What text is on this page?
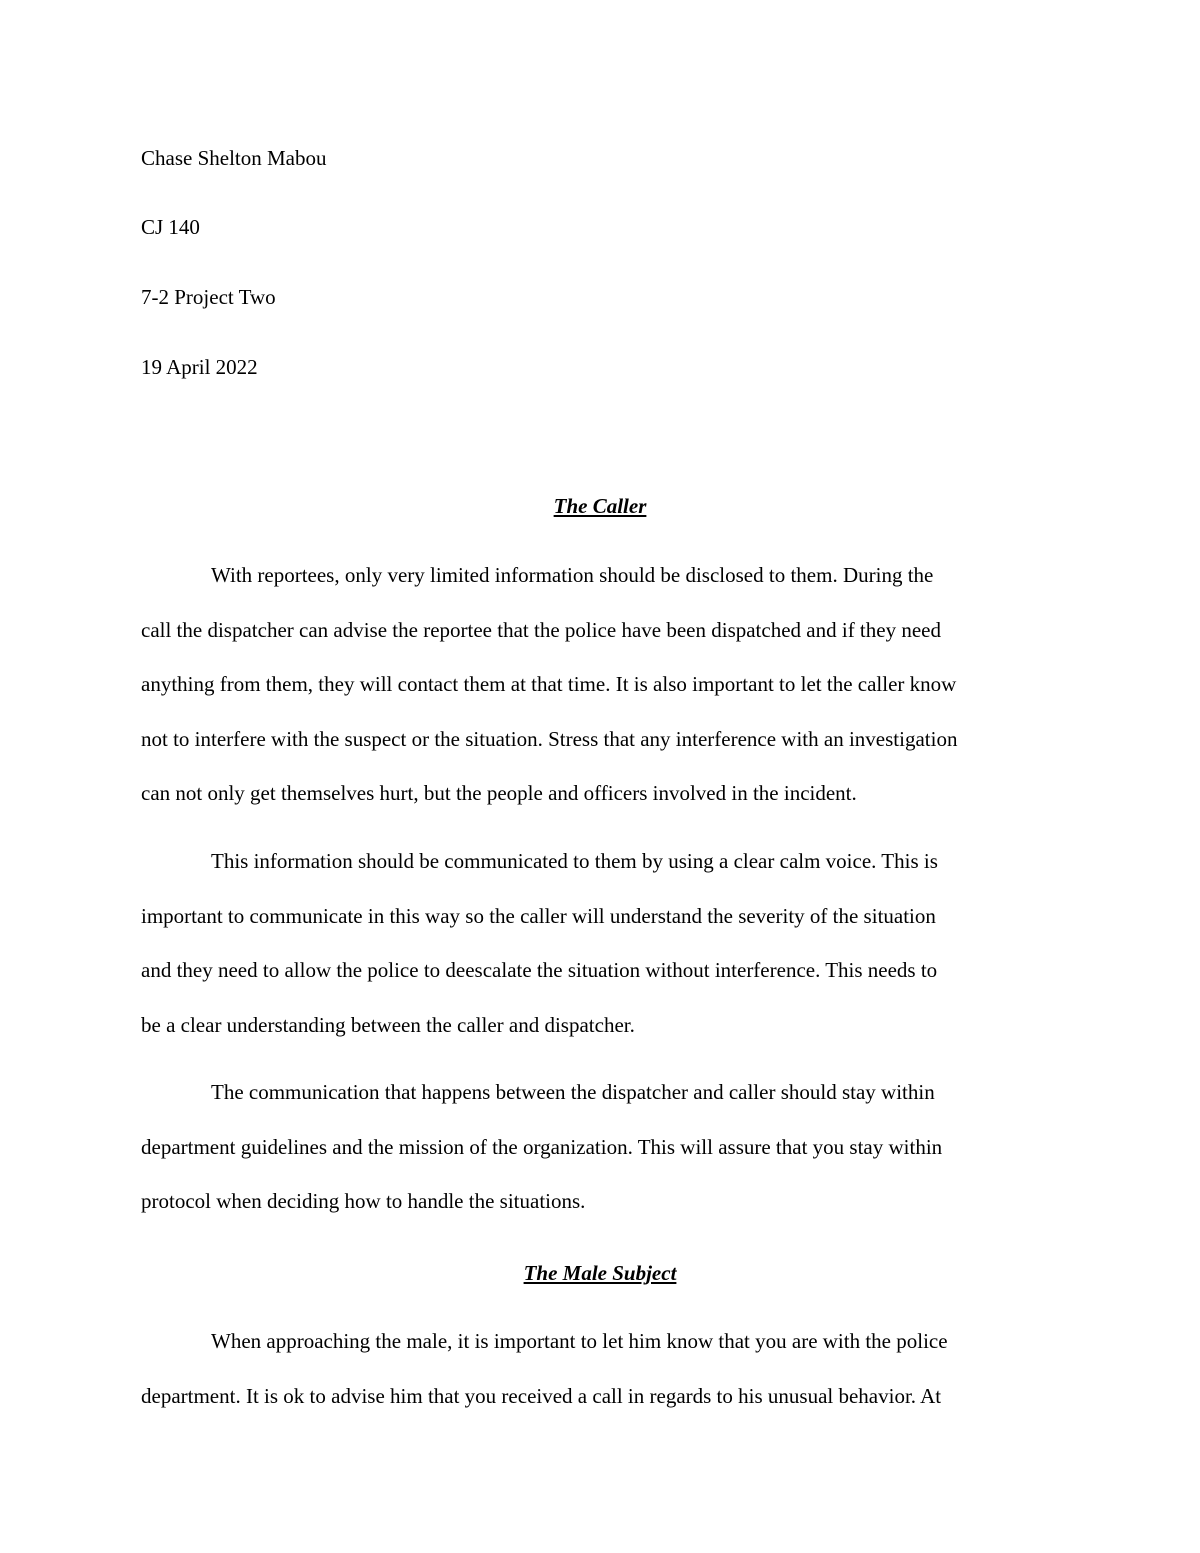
Chase Shelton Mabou

CJ 140

7-2 Project Two

19 April 2022

The Caller
With reportees, only very limited information should be disclosed to them. During the
call the dispatcher can advise the reportee that the police have been dispatched and if they need
anything from them, they will contact them at that time. It is also important to let the caller know
not to interfere with the suspect or the situation. Stress that any interference with an investigation
can not only get themselves hurt, but the people and officers involved in the incident.
This information should be communicated to them by using a clear calm voice. This is
important to communicate in this way so the caller will understand the severity of the situation
and they need to allow the police to deescalate the situation without interference. This needs to
be a clear understanding between the caller and dispatcher.
The communication that happens between the dispatcher and caller should stay within
department guidelines and the mission of the organization. This will assure that you stay within
protocol when deciding how to handle the situations.
The Male Subject
When approaching the male, it is important to let him know that you are with the police
department. It is ok to advise him that you received a call in regards to his unusual behavior. At
